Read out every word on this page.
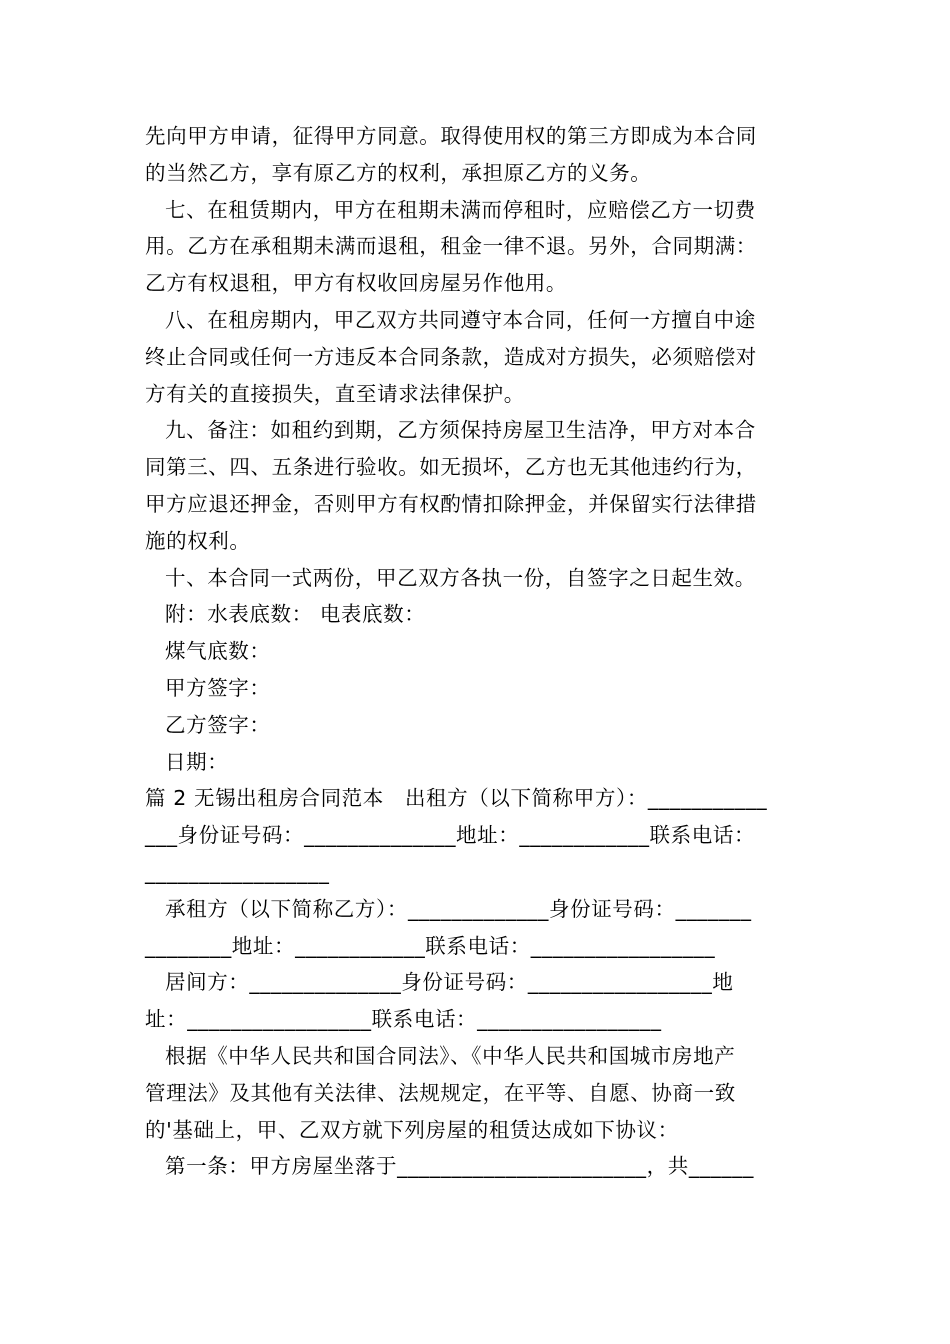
先向甲方申请，征得甲方同意。取得使用权的第三方即成为本合同
的当然乙方，享有原乙方的权利，承担原乙方的义务。
七、在租赁期内，甲方在租期未满而停租时，应赔偿乙方一切费
用。乙方在承租期未满而退租，租金一律不退。另外，合同期满：
乙方有权退租，甲方有权收回房屋另作他用。
八、在租房期内，甲乙双方共同遵守本合同，任何一方擅自中途
终止合同或任何一方违反本合同条款，造成对方损失，必须赔偿对
方有关的直接损失，直至请求法律保护。
九、备注：如租约到期，乙方须保持房屋卫生洁净，甲方对本合
同第三、四、五条进行验收。如无损坏，乙方也无其他违约行为，
甲方应退还押金，否则甲方有权酌情扣除押金，并保留实行法律措
施的权利。
十、本合同一式两份，甲乙双方各执一份，自签字之日起生效。
附：水表底数： 电表底数：
煤气底数：
甲方签字：
乙方签字：
日期：
篇 2 无锡出租房合同范本　出租方（以下简称甲方）：___________
___身份证号码：______________地址：____________联系电话：
_________________
承租方（以下简称乙方）：_____________身份证号码：_______
________地址：____________联系电话：_________________
居间方：______________身份证号码：_________________地
址：_________________联系电话：_________________
根据《中华人民共和国合同法》、《中华人民共和国城市房地产
管理法》及其他有关法律、法规规定，在平等、自愿、协商一致
的'基础上，甲、乙双方就下列房屋的租赁达成如下协议：
第一条：甲方房屋坐落于_______________________，共______
